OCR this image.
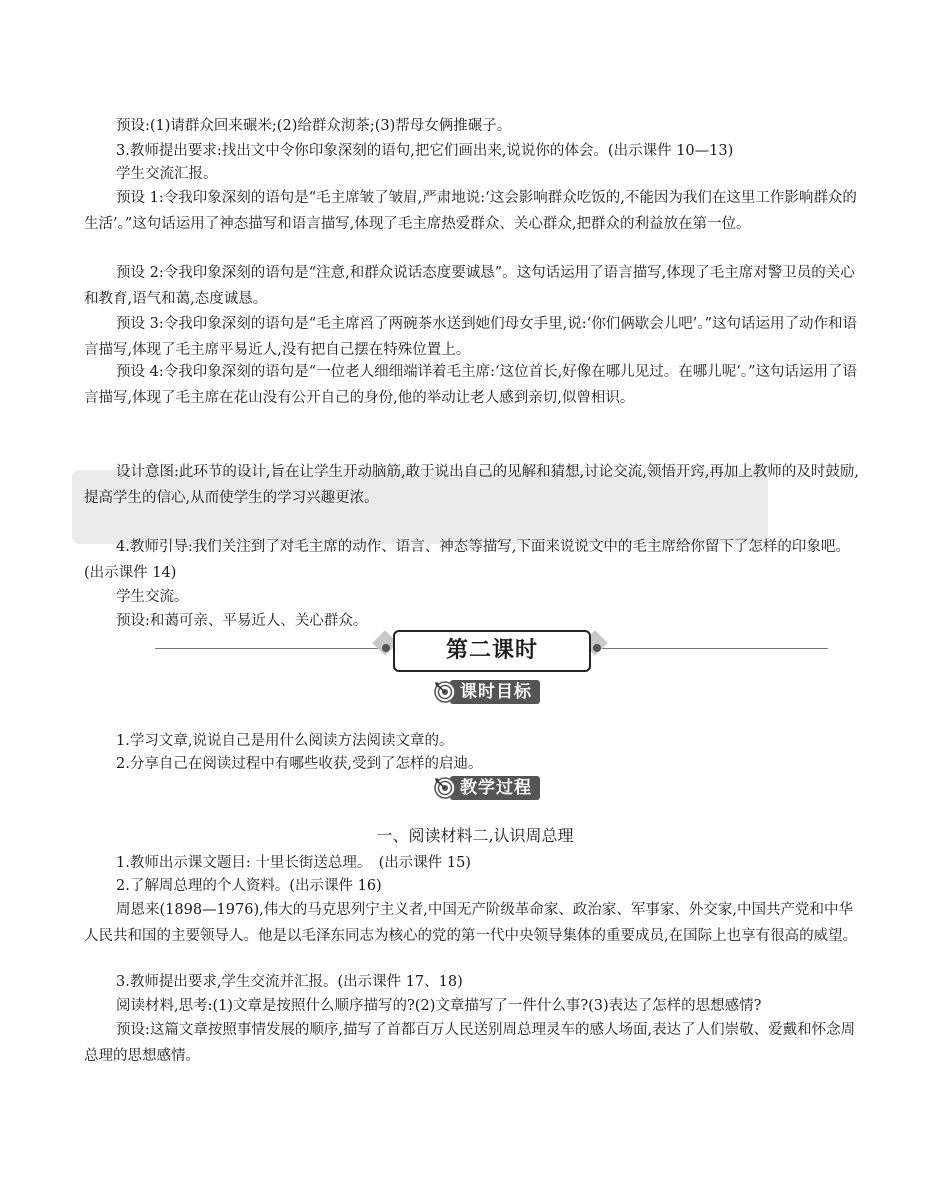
预设:(1)请群众回来碾米;(2)给群众沏茶;(3)帮母女俩推碾子。

3.教师提出要求:找出文中令你印象深刻的语句,把它们画出来,说说你的体会。(出示课件 10—13)

学生交流汇报。

预设 1:令我印象深刻的语句是“毛主席皱了皱眉,严肃地说:‘这会影响群众吃饭的,不能因为我们在这里工作影响群众的生活’。”这句话运用了神态描写和语言描写,体现了毛主席热爱群众、关心群众,把群众的利益放在第一位。

预设 2:令我印象深刻的语句是“注意,和群众说话态度要诚恳”。这句话运用了语言描写,体现了毛主席对警卫员的关心和教育,语气和蔼,态度诚恳。

预设 3:令我印象深刻的语句是“毛主席舀了两碗茶水送到她们母女手里,说:‘你们俩歇会儿吧’。”这句话运用了动作和语言描写,体现了毛主席平易近人,没有把自己摆在特殊位置上。

预设 4:令我印象深刻的语句是“一位老人细细端详着毛主席:‘这位首长,好像在哪儿见过。在哪儿呢’。”这句话运用了语言描写,体现了毛主席在花山没有公开自己的身份,他的举动让老人感到亲切,似曾相识。

设计意图:此环节的设计,旨在让学生开动脑筋,敢于说出自己的见解和猜想,讨论交流,领悟开窍,再加上教师的及时鼓励,提高学生的信心,从而使学生的学习兴趣更浓。

4.教师引导:我们关注到了对毛主席的动作、语言、神态等描写,下面来说说文中的毛主席给你留下了怎样的印象吧。(出示课件 14)

学生交流。

预设:和蔼可亲、平易近人、关心群众。

第二课时
课时目标

1.学习文章,说说自己是用什么阅读方法阅读文章的。

2.分享自己在阅读过程中有哪些收获,受到了怎样的启迪。

教学过程
一、阅读材料二,认识周总理

1.教师出示课文题目: 十里长街送总理。　(出示课件 15)

2.了解周总理的个人资料。(出示课件 16)

周恩来(1898—1976),伟大的马克思列宁主义者,中国无产阶级革命家、政治家、军事家、外交家,中国共产党和中华人民共和国的主要领导人。他是以毛泽东同志为核心的党的第一代中央领导集体的重要成员,在国际上也享有很高的威望。

3.教师提出要求,学生交流并汇报。(出示课件 17、18)

阅读材料,思考:(1)文章是按照什么顺序描写的?(2)文章描写了一件什么事?(3)表达了怎样的思想感情?

预设:这篇文章按照事情发展的顺序,描写了首都百万人民送别周总理灵车的感人场面,表达了人们崇敬、爱戴和怀念周总理的思想感情。
